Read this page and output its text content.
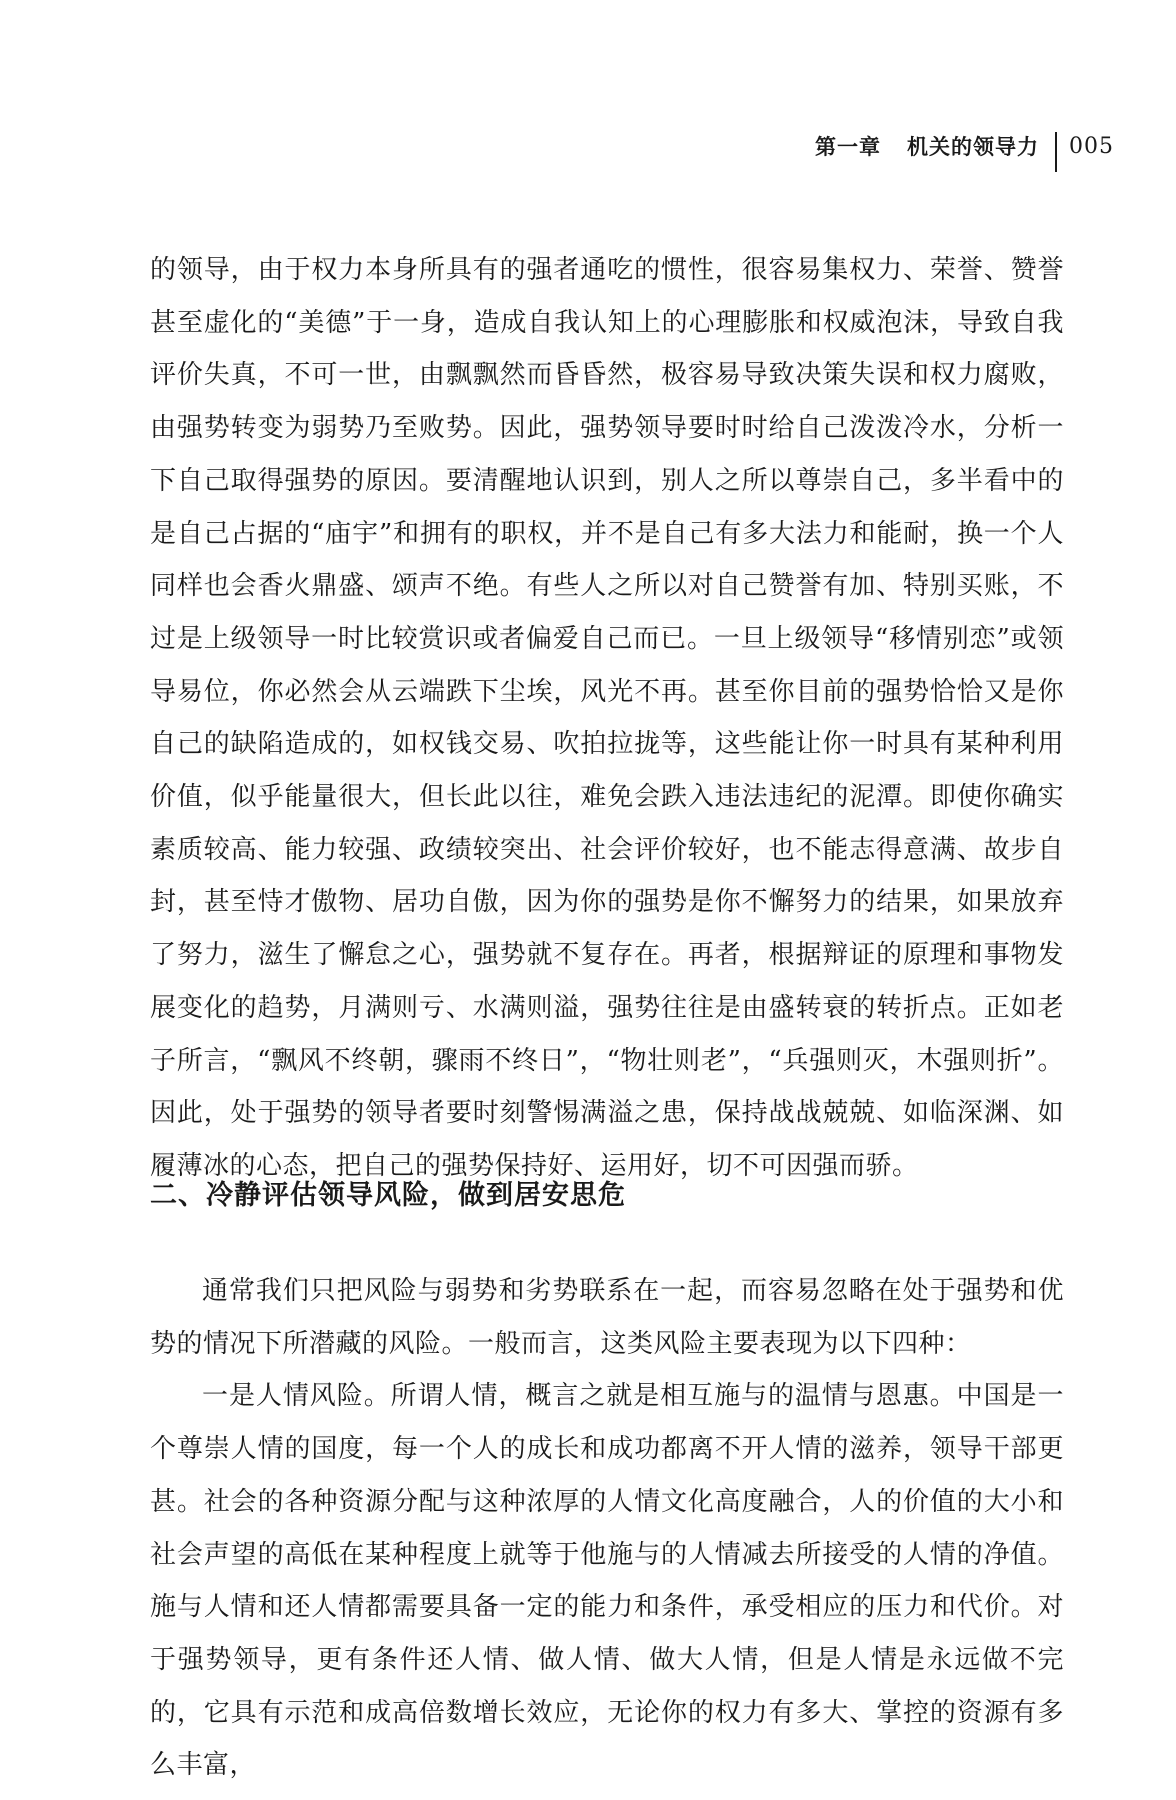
第一章 机关的领导力 005

的领导，由于权力本身所具有的强者通吃的惯性，很容易集权力、荣誉、赞誉甚至虚化的“美德”于一身，造成自我认知上的心理膨胀和权威泡沫，导致自我评价失真，不可一世，由飘飘然而昏昏然，极容易导致决策失误和权力腐败，由强势转变为弱势乃至败势。因此，强势领导要时时给自己泼泼冷水，分析一下自己取得强势的原因。要清醒地认识到，别人之所以尊崇自己，多半看中的是自己占据的“庙宇”和拥有的职权，并不是自己有多大法力和能耐，换一个人同样也会香火鼎盛、颂声不绝。有些人之所以对自己赞誉有加、特别买账，不过是上级领导一时比较赏识或者偏爱自己而已。一旦上级领导“移情别恋”或领导易位，你必然会从云端跌下尘埃，风光不再。甚至你目前的强势恰恰又是你自己的缺陷造成的，如权钱交易、吹拍拉拢等，这些能让你一时具有某种利用价值，似乎能量很大，但长此以往，难免会跌入违法违纪的泥潭。即使你确实素质较高、能力较强、政绩较突出、社会评价较好，也不能志得意满、故步自封，甚至恃才傲物、居功自傲，因为你的强势是你不懈努力的结果，如果放弃了努力，滋生了懈怠之心，强势就不复存在。再者，根据辩证的原理和事物发展变化的趋势，月满则亏、水满则溢，强势往往是由盛转衰的转折点。正如老子所言，“飘风不终朝，骤雨不终日”，“物壮则老”，“兵强则灭，木强则折”。因此，处于强势的领导者要时刻警惕满溢之患，保持战战兢兢、如临深渊、如履薄冰的心态，把自己的强势保持好、运用好，切不可因强而骄。

二、冷静评估领导风险，做到居安思危

通常我们只把风险与弱势和劣势联系在一起，而容易忽略在处于强势和优势的情况下所潜藏的风险。一般而言，这类风险主要表现为以下四种：

一是人情风险。所谓人情，概言之就是相互施与的温情与恩惠。中国是一个尊崇人情的国度，每一个人的成长和成功都离不开人情的滋养，领导干部更甚。社会的各种资源分配与这种浓厚的人情文化高度融合，人的价值的大小和社会声望的高低在某种程度上就等于他施与的人情减去所接受的人情的净值。施与人情和还人情都需要具备一定的能力和条件，承受相应的压力和代价。对于强势领导，更有条件还人情、做人情、做大人情，但是人情是永远做不完的，它具有示范和成高倍数增长效应，无论你的权力有多大、掌控的资源有多么丰富，
